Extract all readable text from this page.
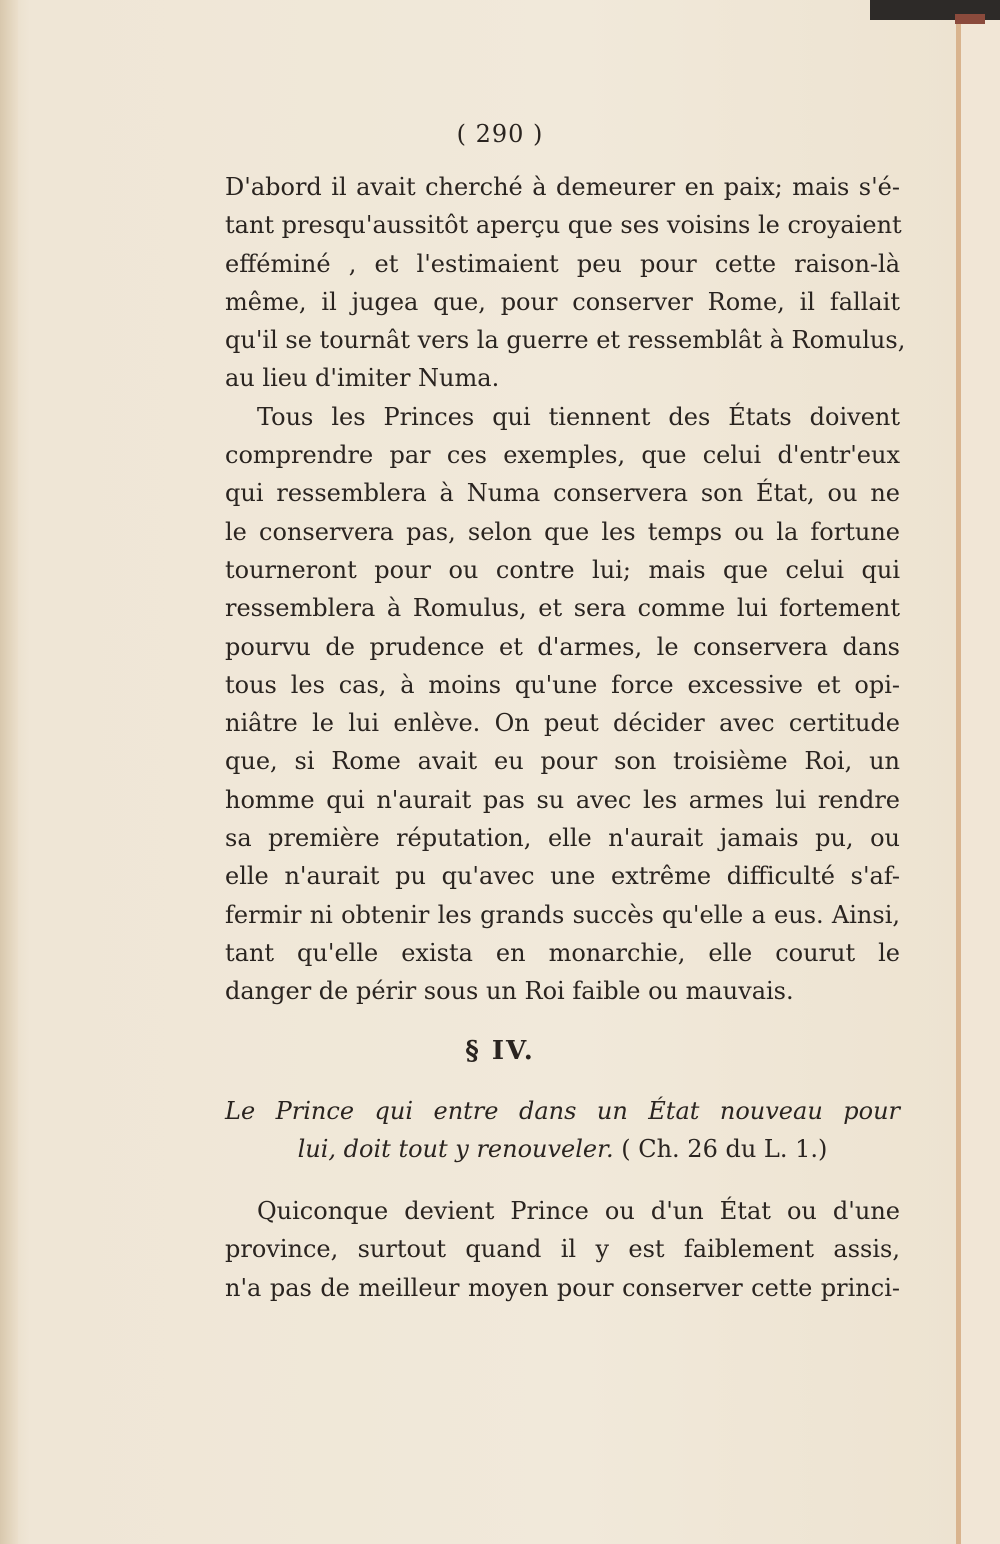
( 290 )
D'abord il avait cherché à demeurer en paix; mais s'é-
tant presqu'aussitôt aperçu que ses voisins le croyaient
efféminé , et l'estimaient peu pour cette raison-là
même, il jugea que, pour conserver Rome, il fallait
qu'il se tournât vers la guerre et ressemblât à Romulus,
au lieu d'imiter Numa.
Tous les Princes qui tiennent des États doivent
comprendre par ces exemples, que celui d'entr'eux
qui ressemblera à Numa conservera son État, ou ne
le conservera pas, selon que les temps ou la fortune
tourneront pour ou contre lui; mais que celui qui
ressemblera à Romulus, et sera comme lui fortement
pourvu de prudence et d'armes, le conservera dans
tous les cas, à moins qu'une force excessive et opi-
niâtre le lui enlève. On peut décider avec certitude
que, si Rome avait eu pour son troisième Roi, un
homme qui n'aurait pas su avec les armes lui rendre
sa première réputation, elle n'aurait jamais pu, ou
elle n'aurait pu qu'avec une extrême difficulté s'af-
fermir ni obtenir les grands succès qu'elle a eus. Ainsi,
tant qu'elle exista en monarchie, elle courut le
danger de périr sous un Roi faible ou mauvais.
§ IV.
Le Prince qui entre dans un État nouveau pour
lui, doit tout y renouveler. ( Ch. 26 du L. 1.)
Quiconque devient Prince ou d'un État ou d'une
province, surtout quand il y est faiblement assis,
n'a pas de meilleur moyen pour conserver cette princi-
